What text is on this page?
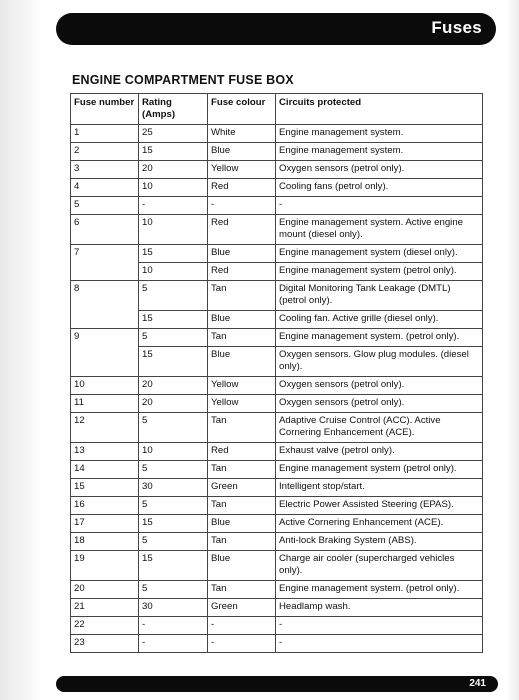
Fuses
ENGINE COMPARTMENT FUSE BOX
Fuse number	Rating (Amps)	Fuse colour	Circuits protected
1	25	White	Engine management system.
2	15	Blue	Engine management system.
3	20	Yellow	Oxygen sensors (petrol only).
4	10	Red	Cooling fans (petrol only).
5	-	-	-
6	10	Red	Engine management system. Active engine mount (diesel only).
7	15	Blue	Engine management system (diesel only).
	10	Red	Engine management system (petrol only).
8	5	Tan	Digital Monitoring Tank Leakage (DMTL) (petrol only).
	15	Blue	Cooling fan. Active grille (diesel only).
9	5	Tan	Engine management system. (petrol only).
	15	Blue	Oxygen sensors. Glow plug modules. (diesel only).
10	20	Yellow	Oxygen sensors (petrol only).
11	20	Yellow	Oxygen sensors (petrol only).
12	5	Tan	Adaptive Cruise Control (ACC). Active Cornering Enhancement (ACE).
13	10	Red	Exhaust valve (petrol only).
14	5	Tan	Engine management system (petrol only).
15	30	Green	Intelligent stop/start.
16	5	Tan	Electric Power Assisted Steering (EPAS).
17	15	Blue	Active Cornering Enhancement (ACE).
18	5	Tan	Anti-lock Braking System (ABS).
19	15	Blue	Charge air cooler (supercharged vehicles only).
20	5	Tan	Engine management system. (petrol only).
21	30	Green	Headlamp wash.
22	-	-	-
23	-	-	-
241
